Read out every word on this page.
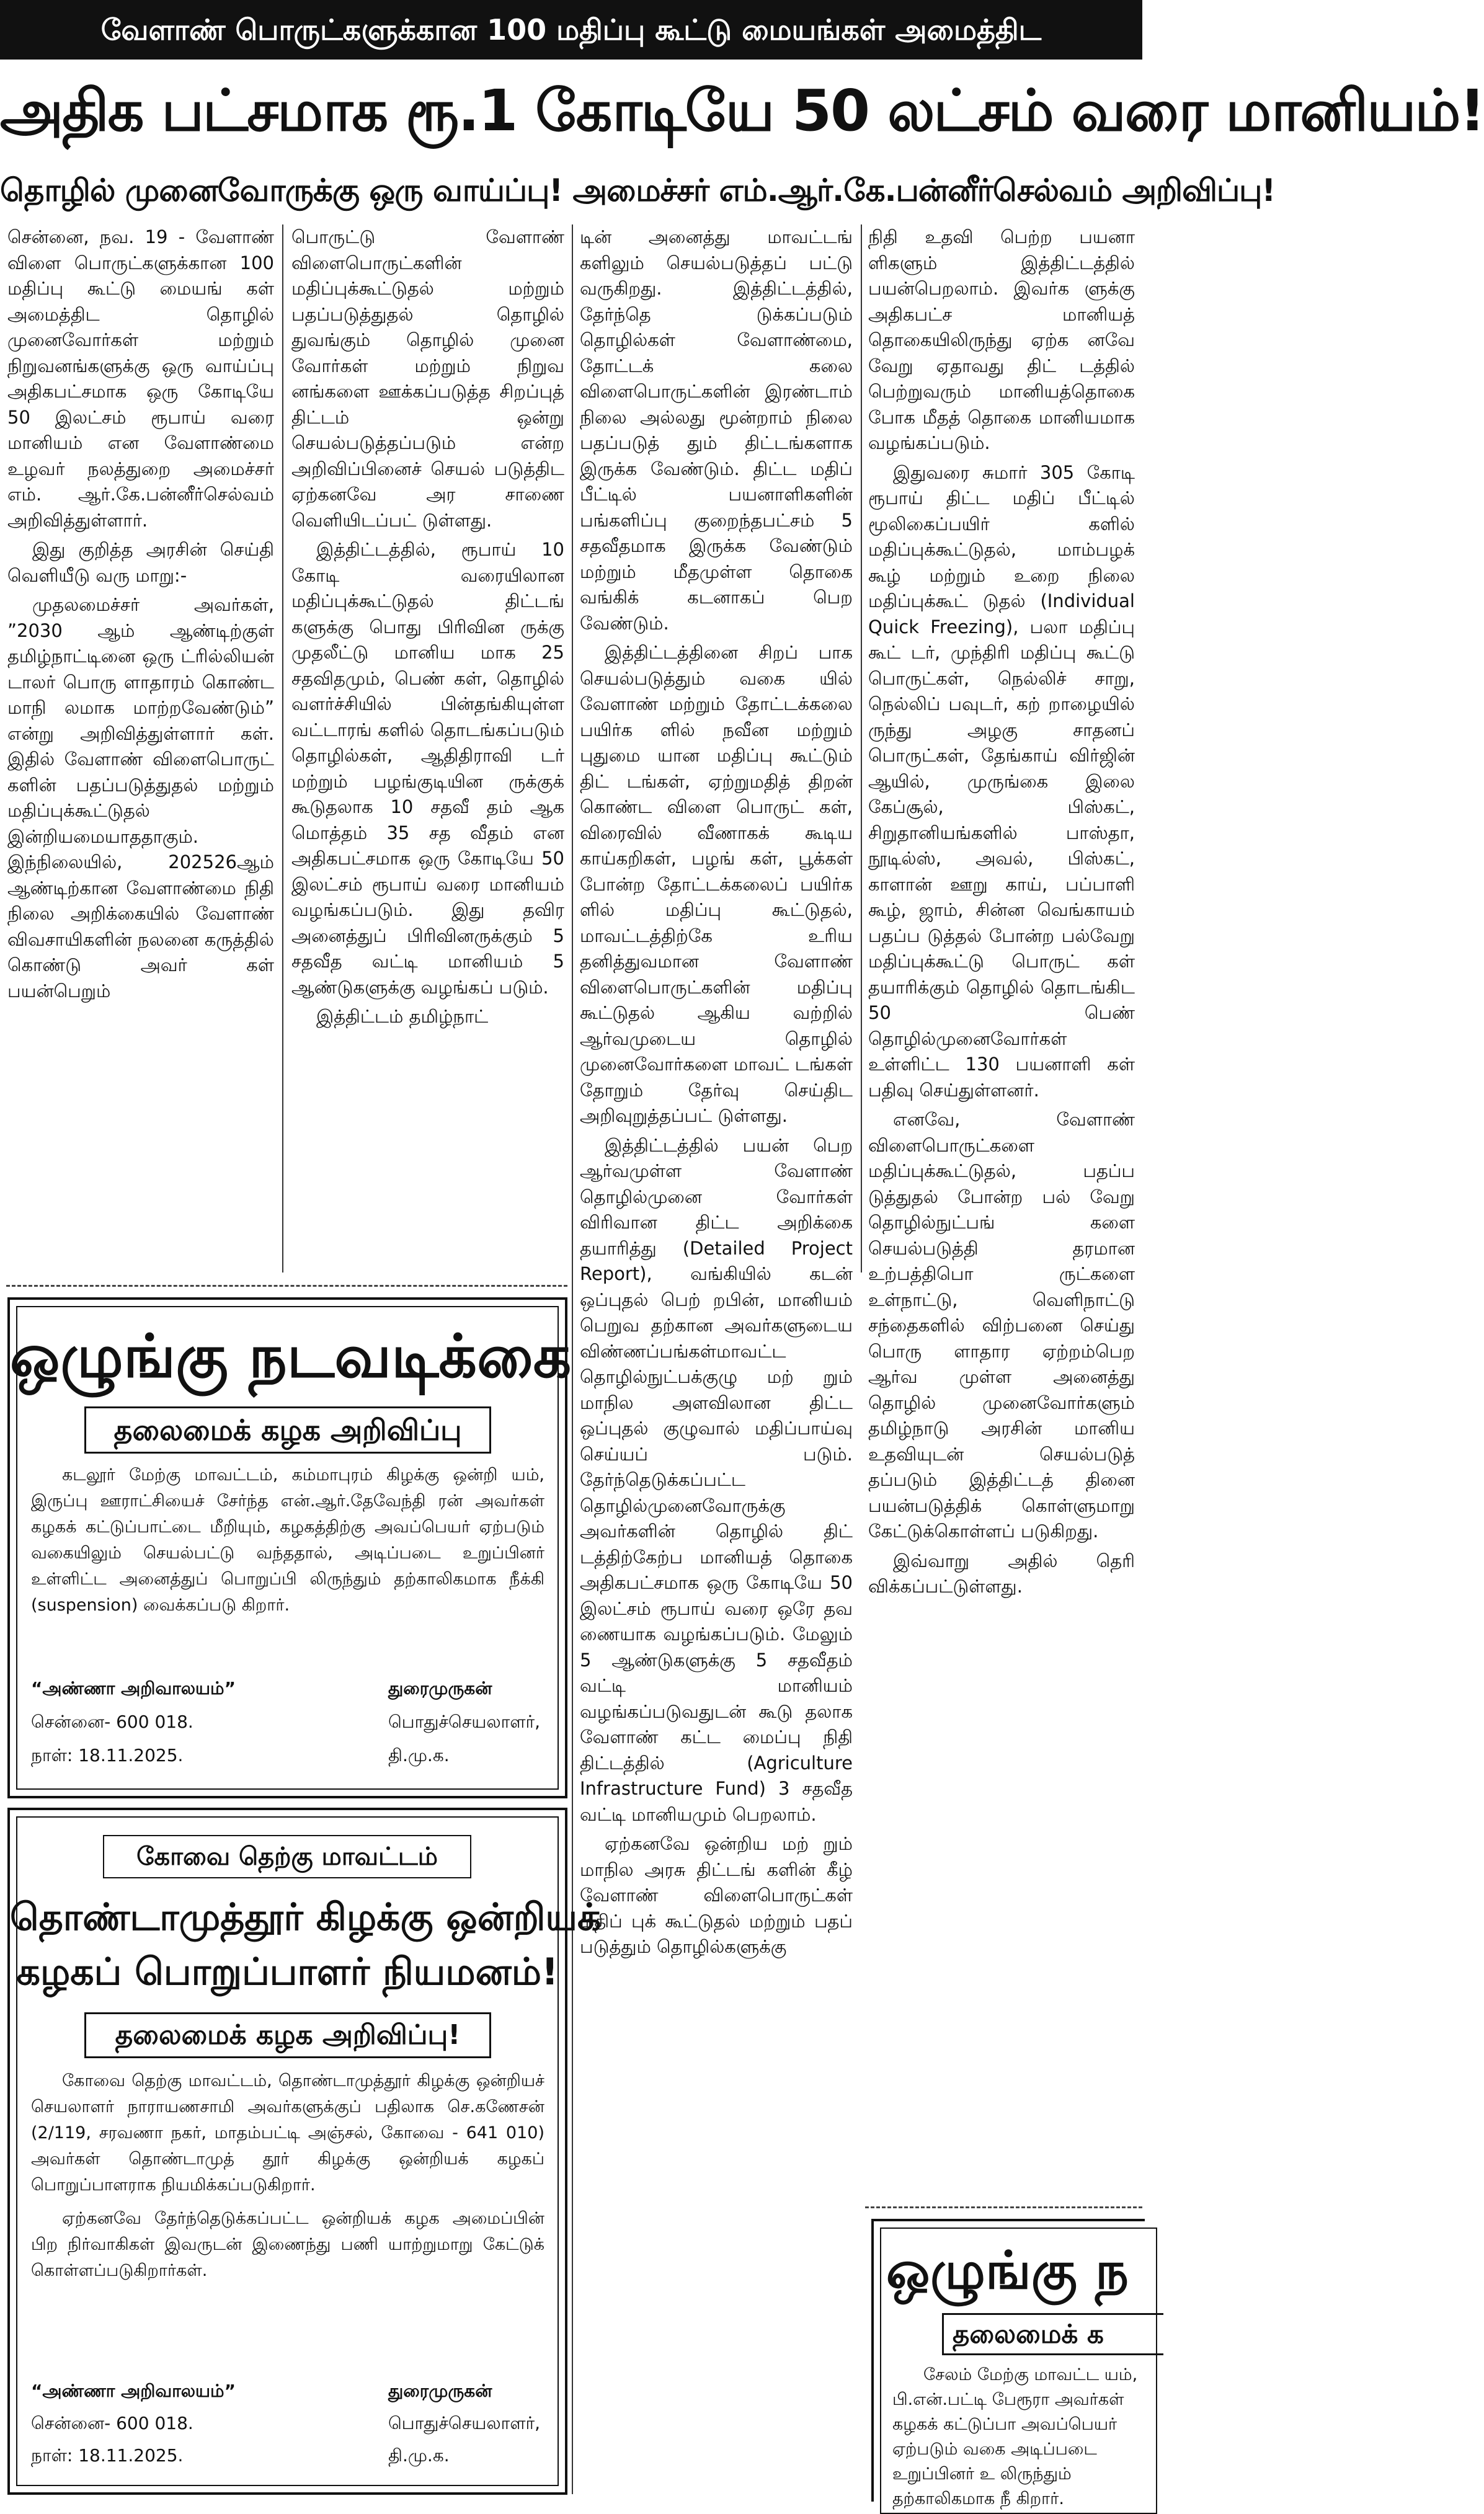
வேளாண் பொருட்களுக்கான 100 மதிப்பு கூட்டு மையங்கள் அமைத்திட
அதிக பட்சமாக ரூ.1 கோடியே 50 லட்சம் வரை மானியம்!
தொழில் முனைவோருக்கு ஒரு வாய்ப்பு! அமைச்சர் எம்.ஆர்.கே.பன்னீர்செல்வம் அறிவிப்பு!

சென்னை, நவ. 19 - வேளாண் விளை பொருட்களுக்கான 100 மதிப்பு கூட்டு மையங் கள் அமைத்திட தொழில் முனைவோர்கள் மற்றும் நிறுவனங்களுக்கு ஒரு வாய்ப்பு அதிகபட்சமாக ஒரு கோடியே 50 இலட்சம் ரூபாய் வரை மானியம் என வேளாண்மை உழவர் நலத்துறை அமைச்சர் எம். ஆர்.கே.பன்னீர்செல்வம் அறிவித்துள்ளார்.

இது குறித்த அரசின் செய்தி வெளியீடு வரு மாறு:-

முதலமைச்சர் அவர்கள், ”2030 ஆம் ஆண்டிற்குள் தமிழ்நாட்டினை ஒரு ட்ரில்லியன் டாலர் பொரு ளாதாரம் கொண்ட மாநி லமாக மாற்றவேண்டும்” என்று அறிவித்துள்ளார் கள். இதில் வேளாண் விளைபொருட் களின் பதப்படுத்துதல் மற்றும் மதிப்புக்கூட்டுதல் இன்றியமையாததாகும். இந்நிலையில், 202526ஆம் ஆண்டிற்கான வேளாண்மை நிதி நிலை அறிக்கையில் வேளாண் விவசாயிகளின் நலனை கருத்தில் கொண்டு அவர் கள் பயன்பெறும்

பொருட்டு வேளாண் விளைபொருட்களின் மதிப்புக்கூட்டுதல் மற்றும் பதப்படுத்துதல் தொழில் துவங்கும் தொழில் முனை வோர்கள் மற்றும் நிறுவ னங்களை ஊக்கப்படுத்த சிறப்புத் திட்டம் ஒன்று செயல்படுத்தப்படும் என்ற அறிவிப்பினைச் செயல் படுத்திட ஏற்கனவே அர சாணை வெளியிடப்பட் டுள்ளது.

இத்திட்டத்தில், ரூபாய் 10 கோடி வரையிலான மதிப்புக்கூட்டுதல் திட்டங் களுக்கு பொது பிரிவின ருக்கு முதலீட்டு மானிய மாக 25 சதவிதமும், பெண் கள், தொழில் வளர்ச்சியில் பின்தங்கியுள்ள வட்டாரங் களில் தொடங்கப்படும் தொழில்கள், ஆதிதிராவி டர் மற்றும் பழங்குடியின ருக்குக் கூடுதலாக 10 சதவீ தம் ஆக மொத்தம் 35 சத வீதம் என அதிகபட்சமாக ஒரு கோடியே 50 இலட்சம் ரூபாய் வரை மானியம் வழங்கப்படும். இது தவிர அனைத்துப் பிரிவினருக்கும் 5 சதவீத வட்டி மானியம் 5 ஆண்டுகளுக்கு வழங்கப் படும்.

இத்திட்டம் தமிழ்நாட்

டின் அனைத்து மாவட்டங் களிலும் செயல்படுத்தப் பட்டு வருகிறது. இத்திட்டத்தில், தேர்ந்தெ டுக்கப்படும் தொழில்கள் வேளாண்மை, தோட்டக் கலை விளைபொருட்களின் இரண்டாம் நிலை அல்லது மூன்றாம் நிலை பதப்படுத் தும் திட்டங்களாக இருக்க வேண்டும். திட்ட மதிப் பீட்டில் பயனாளிகளின் பங்களிப்பு குறைந்தபட்சம் 5 சதவீதமாக இருக்க வேண்டும் மற்றும் மீதமுள்ள தொகை வங்கிக் கடனாகப் பெற வேண்டும்.

இத்திட்டத்தினை சிறப் பாக செயல்படுத்தும் வகை யில் வேளாண் மற்றும் தோட்டக்கலை பயிர்க ளில் நவீன மற்றும் புதுமை யான மதிப்பு கூட்டும் திட் டங்கள், ஏற்றுமதித் திறன் கொண்ட விளை பொருட் கள், விரைவில் வீணாகக் கூடிய காய்கறிகள், பழங் கள், பூக்கள் போன்ற தோட்டக்கலைப் பயிர்க ளில் மதிப்பு கூட்டுதல், மாவட்டத்திற்கே உரிய தனித்துவமான வேளாண் விளைபொருட்களின் மதிப்பு கூட்டுதல் ஆகிய வற்றில் ஆர்வமுடைய தொழில் முனைவோர்களை மாவட் டங்கள் தோறும் தேர்வு செய்திட அறிவுறுத்தப்பட் டுள்ளது.

இத்திட்டத்தில் பயன் பெற ஆர்வமுள்ள வேளாண் தொழில்முனை வோர்கள் விரிவான திட்ட அறிக்கை தயாரித்து (Detailed Project Report), வங்கியில் கடன் ஒப்புதல் பெற் றபின், மானியம் பெறுவ தற்கான அவர்களுடைய விண்ணப்பங்கள்மாவட்ட தொழில்நுட்பக்குழு மற் றும் மாநில அளவிலான திட்ட ஒப்புதல் குழுவால் மதிப்பாய்வு செய்யப் படும். தேர்ந்தெடுக்கப்பட்ட தொழில்முனைவோருக்கு அவர்களின் தொழில் திட் டத்திற்கேற்ப மானியத் தொகை அதிகபட்சமாக ஒரு கோடியே 50 இலட்சம் ரூபாய் வரை ஒரே தவ ணையாக வழங்கப்படும். மேலும் 5 ஆண்டுகளுக்கு 5 சதவீதம் வட்டி மானியம் வழங்கப்படுவதுடன் கூடு தலாக வேளாண் கட்ட மைப்பு நிதி திட்டத்தில் (Agriculture Infrastructure Fund) 3 சதவீத வட்டி மானியமும் பெறலாம்.

ஏற்கனவே ஒன்றிய மற் றும் மாநில அரசு திட்டங் களின் கீழ் வேளாண் விளைபொருட்கள் மதிப் புக் கூட்டுதல் மற்றும் பதப் படுத்தும் தொழில்களுக்கு

நிதி உதவி பெற்ற பயனா ளிகளும் இத்திட்டத்தில் பயன்பெறலாம். இவர்க ளுக்கு அதிகபட்ச மானியத் தொகையிலிருந்து ஏற்க னவே வேறு ஏதாவது திட் டத்தில் பெற்றுவரும் மானியத்தொகை போக மீதத் தொகை மானியமாக வழங்கப்படும்.

இதுவரை சுமார் 305 கோடி ரூபாய் திட்ட மதிப் பீட்டில் மூலிகைப்பயிர் களில் மதிப்புக்கூட்டுதல், மாம்பழக் கூழ் மற்றும் உறை நிலை மதிப்புக்கூட் டுதல் (Individual Quick Freezing), பலா மதிப்பு கூட் டர், முந்திரி மதிப்பு கூட்டு பொருட்கள், நெல்லிச் சாறு, நெல்லிப் பவுடர், கற் றாழையில் ருந்து அழகு சாதனப் பொருட்கள், தேங்காய் விர்ஜின் ஆயில், முருங்கை இலை கேப்சூல், பிஸ்கட், சிறுதானியங்களில் பாஸ்தா, நூடில்ஸ், அவல், பிஸ்கட், காளான் ஊறு காய், பப்பாளி கூழ், ஜாம், சின்ன வெங்காயம் பதப்ப டுத்தல் போன்ற பல்வேறு மதிப்புக்கூட்டு பொருட் கள் தயாரிக்கும் தொழில் தொடங்கிட 50 பெண் தொழில்முனைவோர்கள் உள்ளிட்ட 130 பயனாளி கள் பதிவு செய்துள்ளனர்.

எனவே, வேளாண் விளைபொருட்களை மதிப்புக்கூட்டுதல், பதப்ப டுத்துதல் போன்ற பல் வேறு தொழில்நுட்பங் களை செயல்படுத்தி தரமான உற்பத்திபொ ருட்களை உள்நாட்டு, வெளிநாட்டு சந்தைகளில் விற்பனை செய்து பொரு ளாதார ஏற்றம்பெற ஆர்வ முள்ள அனைத்து தொழில் முனைவோர்களும் தமிழ்நாடு அரசின் மானிய உதவியுடன் செயல்படுத் தப்படும் இத்திட்டத் தினை பயன்படுத்திக் கொள்ளுமாறு கேட்டுக்கொள்ளப் படுகிறது.

இவ்வாறு அதில் தெரி விக்கப்பட்டுள்ளது.

ஒழுங்கு நடவடிக்கை
தலைமைக் கழக அறிவிப்பு

கடலூர் மேற்கு மாவட்டம், கம்மாபுரம் கிழக்கு ஒன்றி யம், இருப்பு ஊராட்சியைச் சேர்ந்த என்.ஆர்.தேவேந்தி ரன் அவர்கள் கழகக் கட்டுப்பாட்டை மீறியும், கழகத்திற்கு அவப்பெயர் ஏற்படும் வகையிலும் செயல்பட்டு வந்ததால், அடிப்படை உறுப்பினர் உள்ளிட்ட அனைத்துப் பொறுப்பி லிருந்தும் தற்காலிகமாக நீக்கி (suspension) வைக்கப்படு கிறார்.

“அண்ணா அறிவாலயம்”	துரைமுருகன்
சென்னை- 600 018.	பொதுச்செயலாளர்,
நாள்: 18.11.2025.	தி.மு.க.
கோவை தெற்கு மாவட்டம்
தொண்டாமுத்தூர் கிழக்கு ஒன்றியக்
கழகப் பொறுப்பாளர் நியமனம்!
தலைமைக் கழக அறிவிப்பு!

கோவை தெற்கு மாவட்டம், தொண்டாமுத்தூர் கிழக்கு ஒன்றியச் செயலாளர் நாராயணசாமி அவர்களுக்குப் பதிலாக செ.கணேசன் (2/119, சரவணா நகர், மாதம்பட்டி அஞ்சல், கோவை - 641 010) அவர்கள் தொண்டாமுத் தூர் கிழக்கு ஒன்றியக் கழகப் பொறுப்பாளராக நியமிக்கப்படுகிறார்.

ஏற்கனவே தேர்ந்தெடுக்கப்பட்ட ஒன்றியக் கழக அமைப்பின் பிற நிர்வாகிகள் இவருடன் இணைந்து பணி யாற்றுமாறு கேட்டுக் கொள்ளப்படுகிறார்கள்.

“அண்ணா அறிவாலயம்”	துரைமுருகன்
சென்னை- 600 018.	பொதுச்செயலாளர்,
நாள்: 18.11.2025.	தி.மு.க.
ஒழுங்கு ந
தலைமைக் க

சேலம் மேற்கு மாவட்ட யம், பி.என்.பட்டி பேரூரா அவர்கள் கழகக் கட்டுப்பா அவப்பெயர் ஏற்படும் வகை அடிப்படை உறுப்பினர் உ லிருந்தும் தற்காலிகமாக நீ கிறார்.
